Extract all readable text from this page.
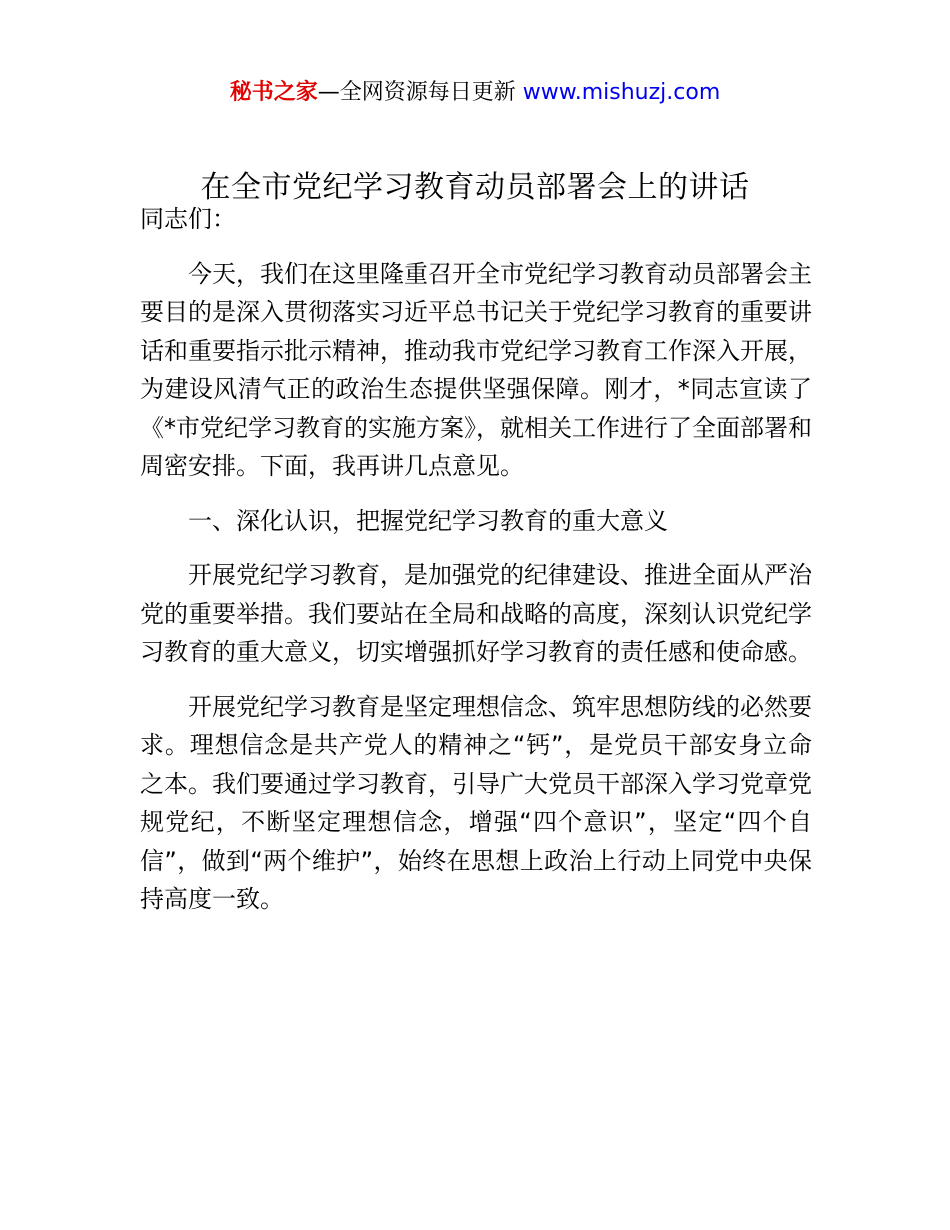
秘书之家—全网资源每日更新 www.mishuzj.com
在全市党纪学习教育动员部署会上的讲话

同志们：

今天，我们在这里隆重召开全市党纪学习教育动员部署会主要目的是深入贯彻落实习近平总书记关于党纪学习教育的重要讲话和重要指示批示精神，推动我市党纪学习教育工作深入开展，为建设风清气正的政治生态提供坚强保障。刚才，*同志宣读了《*市党纪学习教育的实施方案》，就相关工作进行了全面部署和周密安排。下面，我再讲几点意见。

一、深化认识，把握党纪学习教育的重大意义

开展党纪学习教育，是加强党的纪律建设、推进全面从严治党的重要举措。我们要站在全局和战略的高度，深刻认识党纪学习教育的重大意义，切实增强抓好学习教育的责任感和使命感。

开展党纪学习教育是坚定理想信念、筑牢思想防线的必然要求。理想信念是共产党人的精神之“钙”，是党员干部安身立命之本。我们要通过学习教育，引导广大党员干部深入学习党章党规党纪，不断坚定理想信念，增强“四个意识”，坚定“四个自信”，做到“两个维护”，始终在思想上政治上行动上同党中央保持高度一致。
